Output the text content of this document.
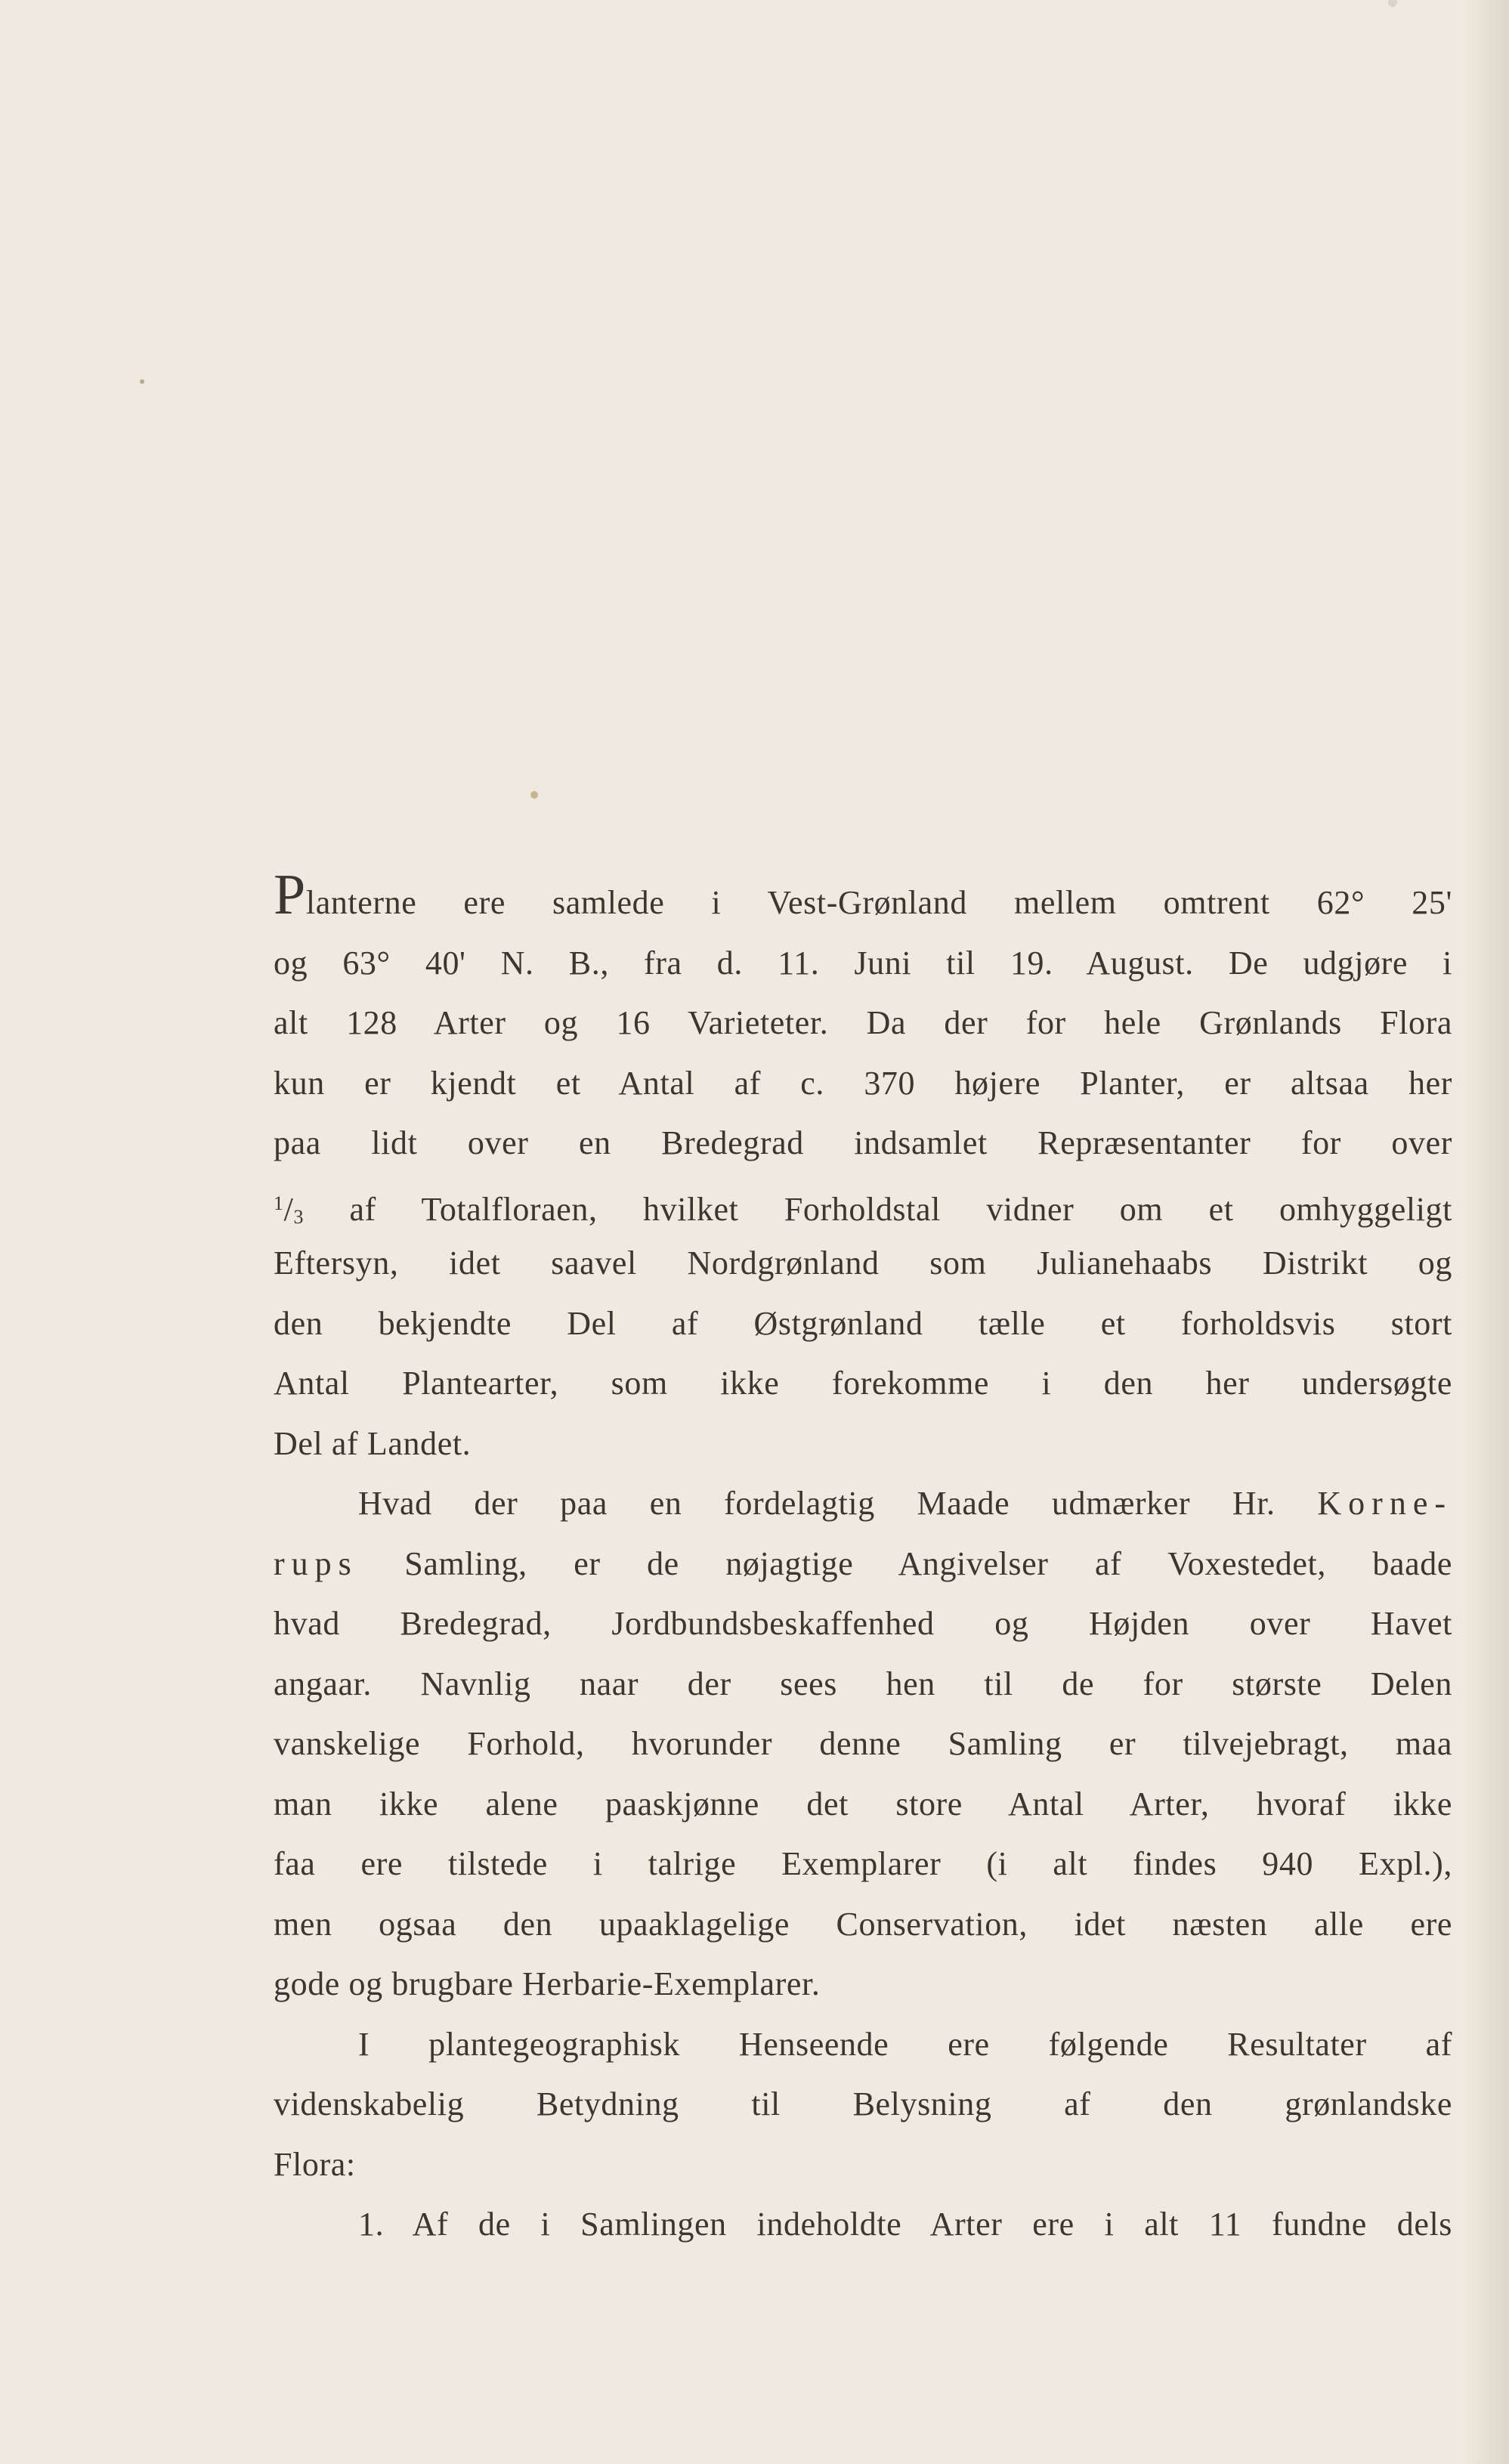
Planterne ere samlede i Vest-Grønland mellem omtrent 62° 25'
og 63° 40' N. B., fra d. 11. Juni til 19. August. De udgjøre i
alt 128 Arter og 16 Varieteter. Da der for hele Grønlands Flora
kun er kjendt et Antal af c. 370 højere Planter, er altsaa her
paa lidt over en Bredegrad indsamlet Repræsentanter for over
$^1$/3 af Totalfloraen, hvilket Forholdstal vidner om et omhyggeligt
Eftersyn, idet saavel Nordgrønland som Julianehaabs Distrikt og
den bekjendte Del af Østgrønland tælle et forholdsvis stort
Antal Plantearter, som ikke forekomme i den her undersøgte
Del af Landet.
Hvad der paa en fordelagtig Maade udmærker Hr. Korne-
rups Samling, er de nøjagtige Angivelser af Voxestedet, baade
hvad Bredegrad, Jordbundsbeskaffenhed og Højden over Havet
angaar. Navnlig naar der sees hen til de for største Delen
vanskelige Forhold, hvorunder denne Samling er tilvejebragt, maa
man ikke alene paaskjønne det store Antal Arter, hvoraf ikke
faa ere tilstede i talrige Exemplarer (i alt findes 940 Expl.),
men ogsaa den upaaklagelige Conservation, idet næsten alle ere
gode og brugbare Herbarie-Exemplarer.
I plantegeographisk Henseende ere følgende Resultater af
videnskabelig Betydning til Belysning af den grønlandske
Flora:
1. Af de i Samlingen indeholdte Arter ere i alt 11 fundne dels
